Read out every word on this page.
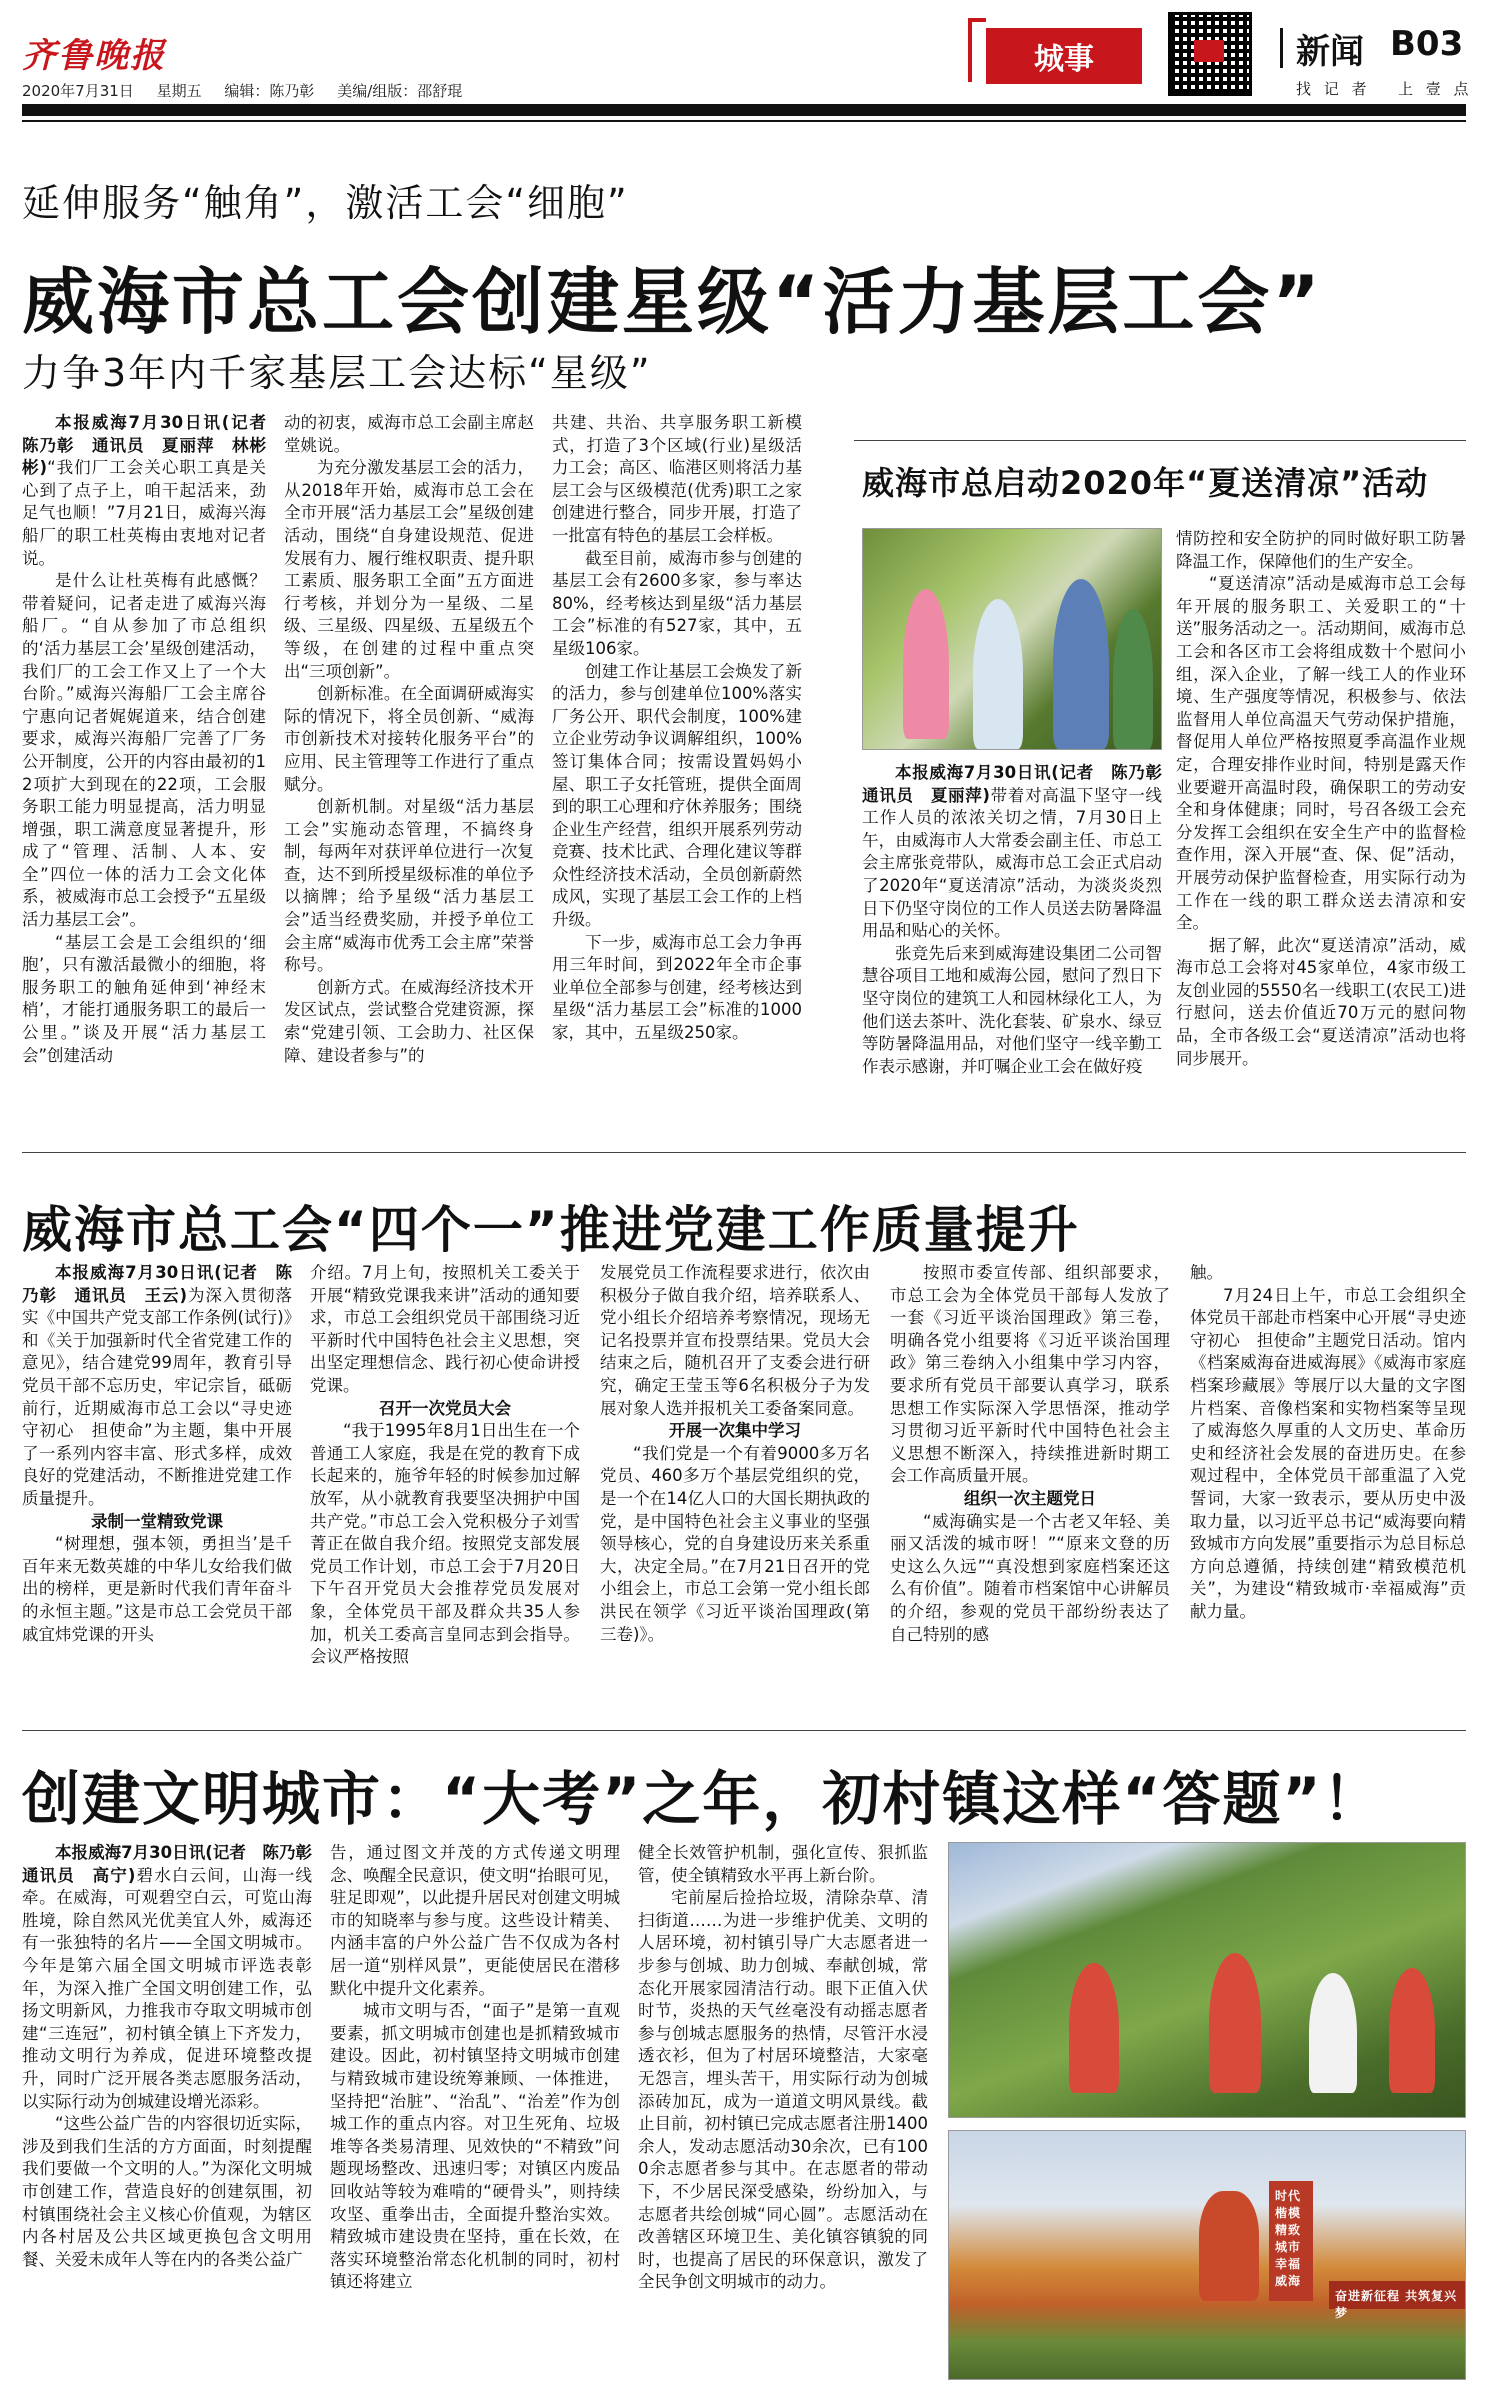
齐鲁晚报
2020年7月31日 星期五 编辑：陈乃彰 美编/组版：邵舒琨
城事	新闻 B03
找 记 者 上 壹 点
延伸服务“触角”，激活工会“细胞”
威海市总工会创建星级“活力基层工会”
力争3年内千家基层工会达标“星级”

本报威海7月30日讯(记者　陈乃彰　通讯员　夏丽萍　林彬彬)“我们厂工会关心职工真是关心到了点子上，咱干起活来，劲足气也顺！”7月21日，威海兴海船厂的职工杜英梅由衷地对记者说。

是什么让杜英梅有此感慨？带着疑问，记者走进了威海兴海船厂。“自从参加了市总组织的‘活力基层工会’星级创建活动，我们厂的工会工作又上了一个大台阶。”威海兴海船厂工会主席谷宁惠向记者娓娓道来，结合创建要求，威海兴海船厂完善了厂务公开制度，公开的内容由最初的12项扩大到现在的22项，工会服务职工能力明显提高，活力明显增强，职工满意度显著提升，形成了“管理、活制、人本、安全”四位一体的活力工会文化体系，被威海市总工会授予“五星级活力基层工会”。

“基层工会是工会组织的‘细胞’，只有激活最微小的细胞，将服务职工的触角延伸到‘神经末梢’，才能打通服务职工的最后一公里。”谈及开展“活力基层工会”创建活动

动的初衷，威海市总工会副主席赵堂姚说。

为充分激发基层工会的活力，从2018年开始，威海市总工会在全市开展“活力基层工会”星级创建活动，围绕“自身建设规范、促进发展有力、履行维权职责、提升职工素质、服务职工全面”五方面进行考核，并划分为一星级、二星级、三星级、四星级、五星级五个等级，在创建的过程中重点突出“三项创新”。

创新标准。在全面调研威海实际的情况下，将全员创新、“威海市创新技术对接转化服务平台”的应用、民主管理等工作进行了重点赋分。

创新机制。对星级“活力基层工会”实施动态管理，不搞终身制，每两年对获评单位进行一次复查，达不到所授星级标准的单位予以摘牌；给予星级“活力基层工会”适当经费奖励，并授予单位工会主席“威海市优秀工会主席”荣誉称号。

创新方式。在威海经济技术开发区试点，尝试整合党建资源，探索“党建引领、工会助力、社区保障、建设者参与”的

共建、共治、共享服务职工新模式，打造了3个区域(行业)星级活力工会；高区、临港区则将活力基层工会与区级模范(优秀)职工之家创建进行整合，同步开展，打造了一批富有特色的基层工会样板。

截至目前，威海市参与创建的基层工会有2600多家，参与率达80%，经考核达到星级“活力基层工会”标准的有527家，其中，五星级106家。

创建工作让基层工会焕发了新的活力，参与创建单位100%落实厂务公开、职代会制度，100%建立企业劳动争议调解组织，100%签订集体合同；按需设置妈妈小屋、职工子女托管班，提供全面周到的职工心理和疗休养服务；围绕企业生产经营，组织开展系列劳动竞赛、技术比武、合理化建议等群众性经济技术活动，全员创新蔚然成风，实现了基层工会工作的上档升级。

下一步，威海市总工会力争再用三年时间，到2022年全市企事业单位全部参与创建，经考核达到星级“活力基层工会”标准的1000家，其中，五星级250家。

威海市总启动2020年“夏送清凉”活动

本报威海7月30日讯(记者　陈乃彰　通讯员　夏丽萍)带着对高温下坚守一线工作人员的浓浓关切之情，7月30日上午，由威海市人大常委会副主任、市总工会主席张竞带队，威海市总工会正式启动了2020年“夏送清凉”活动，为淡炎炎烈日下仍坚守岗位的工作人员送去防暑降温用品和贴心的关怀。

张竞先后来到威海建设集团二公司智慧谷项目工地和威海公园，慰问了烈日下坚守岗位的建筑工人和园林绿化工人，为他们送去茶叶、洗化套装、矿泉水、绿豆等防暑降温用品，对他们坚守一线辛勤工作表示感谢，并叮嘱企业工会在做好疫

情防控和安全防护的同时做好职工防暑降温工作，保障他们的生产安全。

“夏送清凉”活动是威海市总工会每年开展的服务职工、关爱职工的“十送”服务活动之一。活动期间，威海市总工会和各区市工会将组成数十个慰问小组，深入企业，了解一线工人的作业环境、生产强度等情况，积极参与、依法监督用人单位高温天气劳动保护措施，督促用人单位严格按照夏季高温作业规定，合理安排作业时间，特别是露天作业要避开高温时段，确保职工的劳动安全和身体健康；同时，号召各级工会充分发挥工会组织在安全生产中的监督检查作用，深入开展“查、保、促”活动，开展劳动保护监督检查，用实际行动为工作在一线的职工群众送去清凉和安全。

据了解，此次“夏送清凉”活动，威海市总工会将对45家单位，4家市级工友创业园的5550名一线职工(农民工)进行慰问，送去价值近70万元的慰问物品，全市各级工会“夏送清凉”活动也将同步展开。

威海市总工会“四个一”推进党建工作质量提升

本报威海7月30日讯(记者　陈乃彰　通讯员　王云)为深入贯彻落实《中国共产党支部工作条例(试行)》和《关于加强新时代全省党建工作的意见》，结合建党99周年，教育引导党员干部不忘历史，牢记宗旨，砥砺前行，近期威海市总工会以“寻史迹　守初心　担使命”为主题，集中开展了一系列内容丰富、形式多样，成效良好的党建活动，不断推进党建工作质量提升。

录制一堂精致党课

“树理想，强本领，勇担当’是千百年来无数英雄的中华儿女给我们做出的榜样，更是新时代我们青年奋斗的永恒主题。”这是市总工会党员干部戚宜炜党课的开头

介绍。7月上旬，按照机关工委关于开展“精致党课我来讲”活动的通知要求，市总工会组织党员干部围绕习近平新时代中国特色社会主义思想，突出坚定理想信念、践行初心使命讲授党课。

召开一次党员大会

“我于1995年8月1日出生在一个普通工人家庭，我是在党的教育下成长起来的，施爷年轻的时候参加过解放军，从小就教育我要坚决拥护中国共产党。”市总工会入党积极分子刘雪菁正在做自我介绍。按照党支部发展党员工作计划，市总工会于7月20日下午召开党员大会推荐党员发展对象，全体党员干部及群众共35人参加，机关工委高言皇同志到会指导。会议严格按照

发展党员工作流程要求进行，依次由积极分子做自我介绍，培养联系人、党小组长介绍培养考察情况，现场无记名投票并宣布投票结果。党员大会结束之后，随机召开了支委会进行研究，确定王莹玉等6名积极分子为发展对象人选并报机关工委备案同意。

开展一次集中学习

“我们党是一个有着9000多万名党员、460多万个基层党组织的党，是一个在14亿人口的大国长期执政的党，是中国特色社会主义事业的坚强领导核心，党的自身建设历来关系重大，决定全局。”在7月21日召开的党小组会上，市总工会第一党小组长郎洪民在领学《习近平谈治国理政(第三卷)》。

按照市委宣传部、组织部要求，市总工会为全体党员干部每人发放了一套《习近平谈治国理政》第三卷，明确各党小组要将《习近平谈治国理政》第三卷纳入小组集中学习内容，要求所有党员干部要认真学习，联系思想工作实际深入学思悟深，推动学习贯彻习近平新时代中国特色社会主义思想不断深入，持续推进新时期工会工作高质量开展。

组织一次主题党日

“威海确实是一个古老又年轻、美丽又活泼的城市呀！”“原来文登的历史这么久远”“真没想到家庭档案还这么有价值”。随着市档案馆中心讲解员的介绍，参观的党员干部纷纷表达了自己特别的感

触。

7月24日上午，市总工会组织全体党员干部赴市档案中心开展“寻史迹　守初心　担使命”主题党日活动。馆内《档案威海奋进威海展》《威海市家庭档案珍藏展》等展厅以大量的文字图片档案、音像档案和实物档案等呈现了威海悠久厚重的人文历史、革命历史和经济社会发展的奋进历史。在参观过程中，全体党员干部重温了入党誓词，大家一致表示，要从历史中汲取力量，以习近平总书记“威海要向精致城市方向发展”重要指示为总目标总方向总遵循，持续创建“精致模范机关”，为建设“精致城市·幸福威海”贡献力量。

创建文明城市：“大考”之年，初村镇这样“答题”！

本报威海7月30日讯(记者　陈乃彰　通讯员　高宁)碧水白云间，山海一线牵。在威海，可观碧空白云，可览山海胜境，除自然风光优美宜人外，威海还有一张独特的名片——全国文明城市。今年是第六届全国文明城市评选表彰年，为深入推广全国文明创建工作，弘扬文明新风，力推我市夺取文明城市创建“三连冠”，初村镇全镇上下齐发力，推动文明行为养成，促进环境整改提升，同时广泛开展各类志愿服务活动，以实际行动为创城建设增光添彩。

“这些公益广告的内容很切近实际，涉及到我们生活的方方面面，时刻提醒我们要做一个文明的人。”为深化文明城市创建工作，营造良好的创建氛围，初村镇围绕社会主义核心价值观，为辖区内各村居及公共区域更换包含文明用餐、关爱未成年人等在内的各类公益广

告，通过图文并茂的方式传递文明理念、唤醒全民意识，使文明“抬眼可见，驻足即观”，以此提升居民对创建文明城市的知晓率与参与度。这些设计精美、内涵丰富的户外公益广告不仅成为各村居一道“别样风景”，更能使居民在潜移默化中提升文化素养。

城市文明与否，“面子”是第一直观要素，抓文明城市创建也是抓精致城市建设。因此，初村镇坚持文明城市创建与精致城市建设统筹兼顾、一体推进，坚持把“治脏”、“治乱”、“治差”作为创城工作的重点内容。对卫生死角、垃圾堆等各类易清理、见效快的“不精致”问题现场整改、迅速归零；对镇区内废品回收站等较为难啃的“硬骨头”，则持续攻坚、重拳出击，全面提升整治实效。精致城市建设贵在坚持，重在长效，在落实环境整治常态化机制的同时，初村镇还将建立

健全长效管护机制，强化宣传、狠抓监管，使全镇精致水平再上新台阶。

宅前屋后捡拾垃圾，清除杂草、清扫街道……为进一步维护优美、文明的人居环境，初村镇引导广大志愿者进一步参与创城、助力创城、奉献创城，常态化开展家园清洁行动。眼下正值入伏时节，炎热的天气丝毫没有动摇志愿者参与创城志愿服务的热情，尽管汗水浸透衣衫，但为了村居环境整洁，大家毫无怨言，埋头苦干，用实际行动为创城添砖加瓦，成为一道道文明风景线。截止目前，初村镇已完成志愿者注册1400余人，发动志愿活动30余次，已有1000余志愿者参与其中。在志愿者的带动下，不少居民深受感染，纷纷加入，与志愿者共绘创城“同心圆”。志愿活动在改善辖区环境卫生、美化镇容镇貌的同时，也提高了居民的环保意识，激发了全民争创文明城市的动力。

时代楷模
精致城市
幸福威海
奋进新征程 共筑复兴梦
